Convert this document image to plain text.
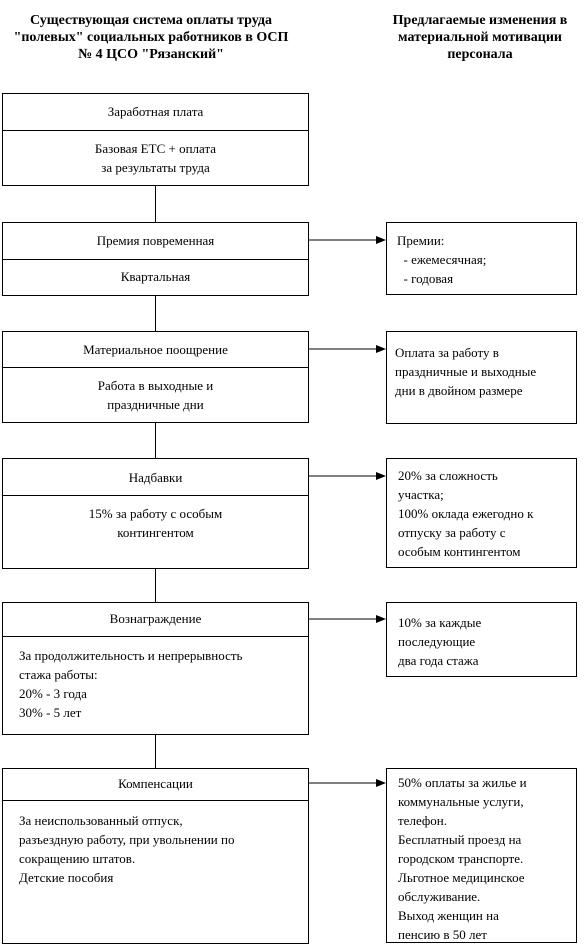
Существующая система оплаты труда "полевых" социальных работников в ОСП № 4 ЦСО "Рязанский"
Предлагаемые изменения в материальной мотивации персонала
Заработная плата
Базовая ЕТС + оплата
за результаты труда
Премия повременная
Квартальная
Материальное поощрение
Работа в выходные и
праздничные дни
Надбавки
15% за работу с особым
контингентом
Вознаграждение
За продолжительность и непрерывность
стажа работы:
20% - 3 года
30% - 5 лет
Компенсации
За неиспользованный отпуск,
разъездную работу, при увольнении по
сокращению штатов.
Детские пособия
Премии:
- ежемесячная;
- годовая
Оплата за работу в
праздничные и выходные
дни в двойном размере
20% за сложность
участка;
100% оклада ежегодно к
отпуску за работу с
особым контингентом
10% за каждые
последующие
два года стажа
50% оплаты за жилье и
коммунальные услуги,
телефон.
Бесплатный проезд на
городском транспорте.
Льготное медицинское
обслуживание.
Выход женщин на
пенсию в 50 лет
